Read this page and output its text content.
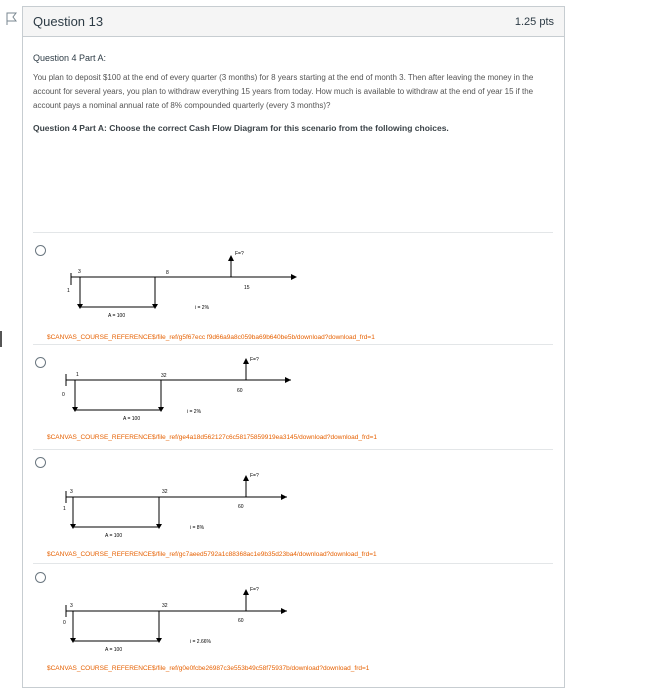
Question 13	1.25 pts
Question 4 Part A:
You plan to deposit $100 at the end of every quarter (3 months) for 8 years starting at the end of month 3. Then after leaving the money in the account for several years, you plan to withdraw everything 15 years from today. How much is available to withdraw at the end of year 15 if the account pays a nominal annual rate of 8% compounded quarterly (every 3 months)?
Question 4 Part A: Choose the correct Cash Flow Diagram for this scenario from the following choices.
F=?
1
3	8
15
A = 100
i = 2%
$CANVAS_COURSE_REFERENCE$/file_ref/g5f67ecc f9d66a9a8c059ba69b640be5b/download?download_frd=1
F=?
0
1	32
60
A = 100
i = 2%
$CANVAS_COURSE_REFERENCE$/file_ref/ge4a18d562127c6c58175859919ea3145/download?download_frd=1
F=?
1
3	32
60
A = 100
i = 8%
$CANVAS_COURSE_REFERENCE$/file_ref/gc7aeed5792a1c88368ac1e9b35d23ba4/download?download_frd=1
F=?
0
3	32
60
A = 100
i = 2.66%
$CANVAS_COURSE_REFERENCE$/file_ref/g0e0fcbe26987c3e553b49c58f75937b/download?download_frd=1
